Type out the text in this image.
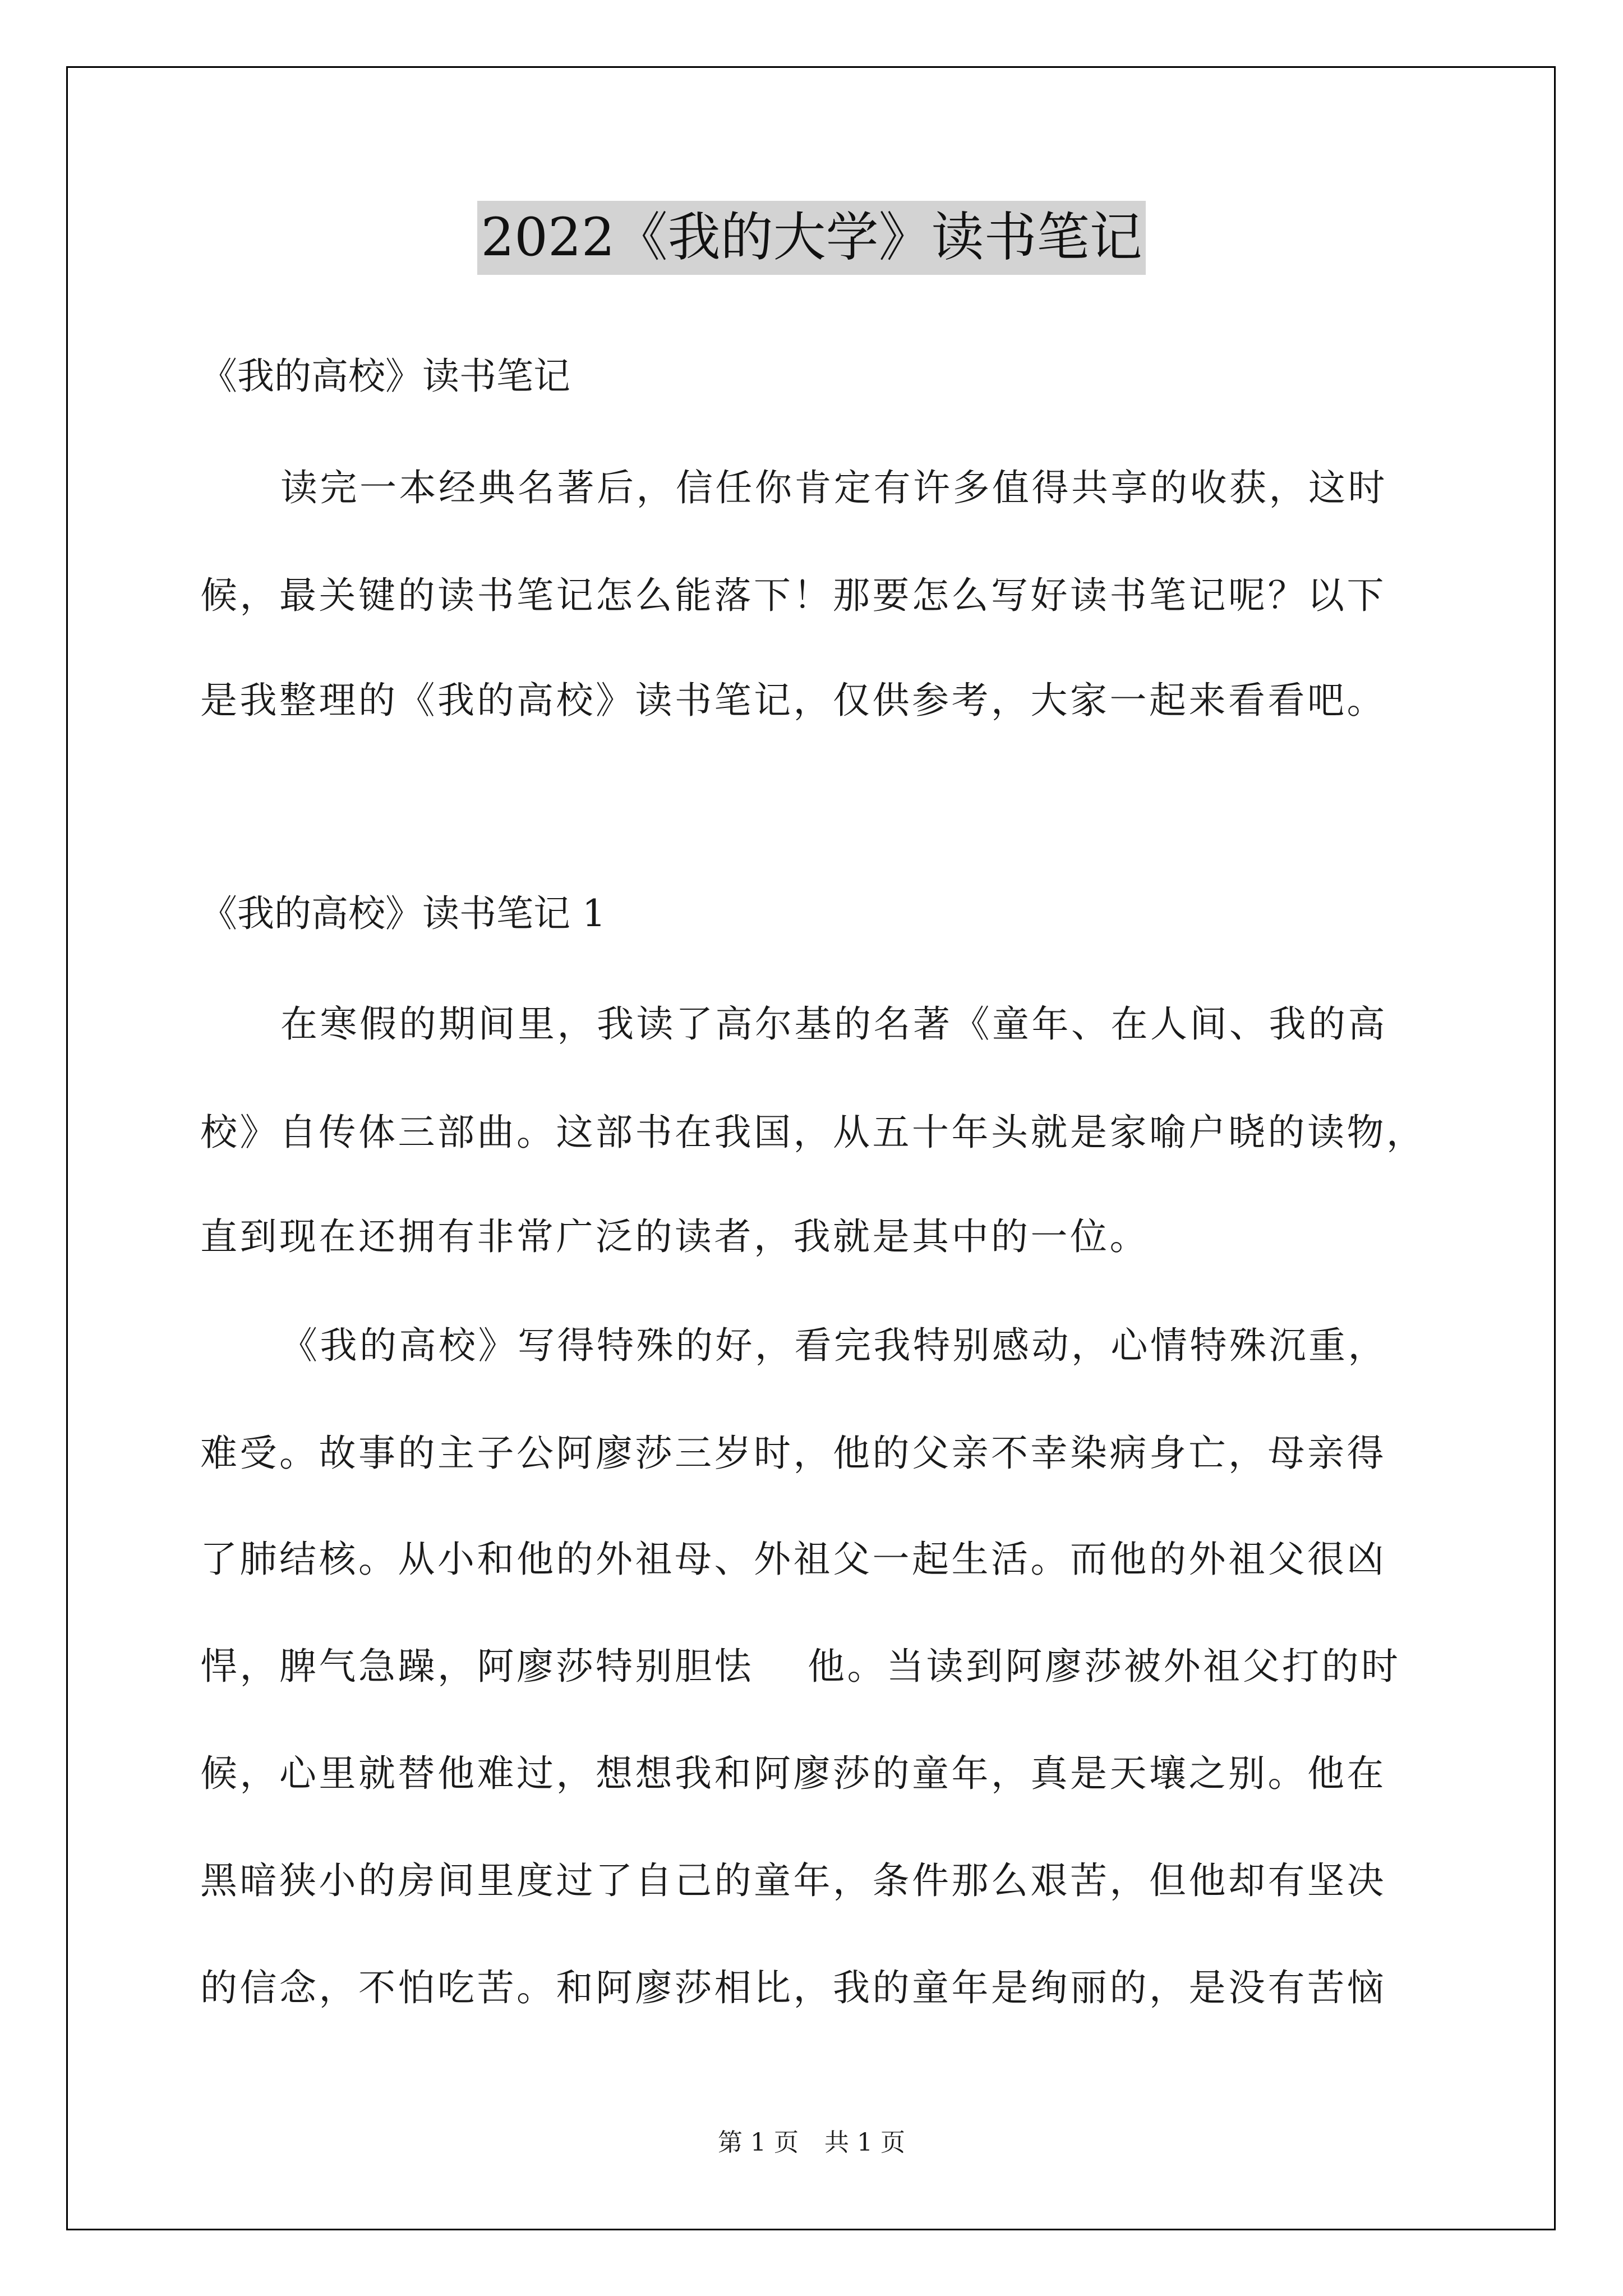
2022《我的大学》读书笔记
《我的高校》读书笔记
读完一本经典名著后，信任你肯定有许多值得共享的收获，这时
候，最关键的读书笔记怎么能落下！那要怎么写好读书笔记呢？以下
是我整理的《我的高校》读书笔记，仅供参考，大家一起来看看吧。
《我的高校》读书笔记 1
在寒假的期间里，我读了高尔基的名著《童年、在人间、我的高
校》自传体三部曲。这部书在我国，从五十年头就是家喻户晓的读物，
直到现在还拥有非常广泛的读者，我就是其中的一位。
《我的高校》写得特殊的好，看完我特别感动，心情特殊沉重，
难受。故事的主子公阿廖莎三岁时，他的父亲不幸染病身亡，母亲得
了肺结核。从小和他的外祖母、外祖父一起生活。而他的外祖父很凶
悍，脾气急躁，阿廖莎特别胆怯　 他。当读到阿廖莎被外祖父打的时
候，心里就替他难过，想想我和阿廖莎的童年，真是天壤之别。他在
黑暗狭小的房间里度过了自己的童年，条件那么艰苦，但他却有坚决
的信念，不怕吃苦。和阿廖莎相比，我的童年是绚丽的，是没有苦恼
第 1 页 共 1 页
